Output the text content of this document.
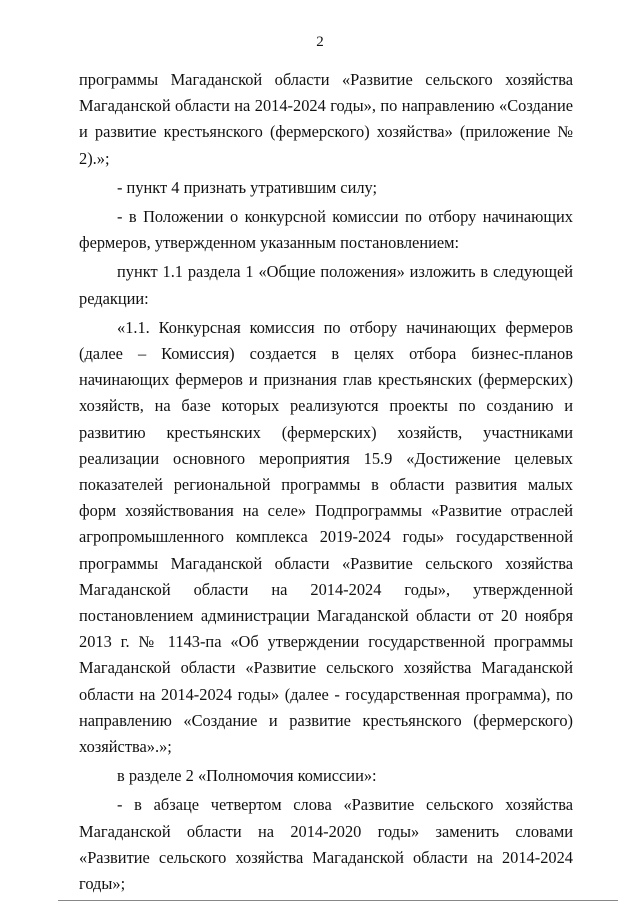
2

программы Магаданской области «Развитие сельского хозяйства Магаданской области на 2014-2024 годы», по направлению «Создание и развитие крестьянского (фермерского) хозяйства» (приложение № 2).»;

- пункт 4 признать утратившим силу;

- в Положении о конкурсной комиссии по отбору начинающих фермеров, утвержденном указанным постановлением:

пункт 1.1 раздела 1 «Общие положения» изложить в следующей редакции:

«1.1. Конкурсная комиссия по отбору начинающих фермеров (далее – Комиссия) создается в целях отбора бизнес-планов начинающих фермеров и признания глав крестьянских (фермерских) хозяйств, на базе которых реализуются проекты по созданию и развитию крестьянских (фермерских) хозяйств, участниками реализации основного мероприятия 15.9 «Достижение целевых показателей региональной программы в области развития малых форм хозяйствования на селе» Подпрограммы «Развитие отраслей агропромышленного комплекса 2019-2024 годы» государственной программы Магаданской области «Развитие сельского хозяйства Магаданской области на 2014-2024 годы», утвержденной постановлением администрации Магаданской области от 20 ноября 2013 г. № 1143-па «Об утверждении государственной программы Магаданской области «Развитие сельского хозяйства Магаданской области на 2014-2024 годы» (далее - государственная программа), по направлению «Создание и развитие крестьянского (фермерского) хозяйства».»;

в разделе 2 «Полномочия комиссии»:

- в абзаце четвертом слова «Развитие сельского хозяйства Магаданской области на 2014-2020 годы» заменить словами «Развитие сельского хозяйства Магаданской области на 2014-2024 годы»;
